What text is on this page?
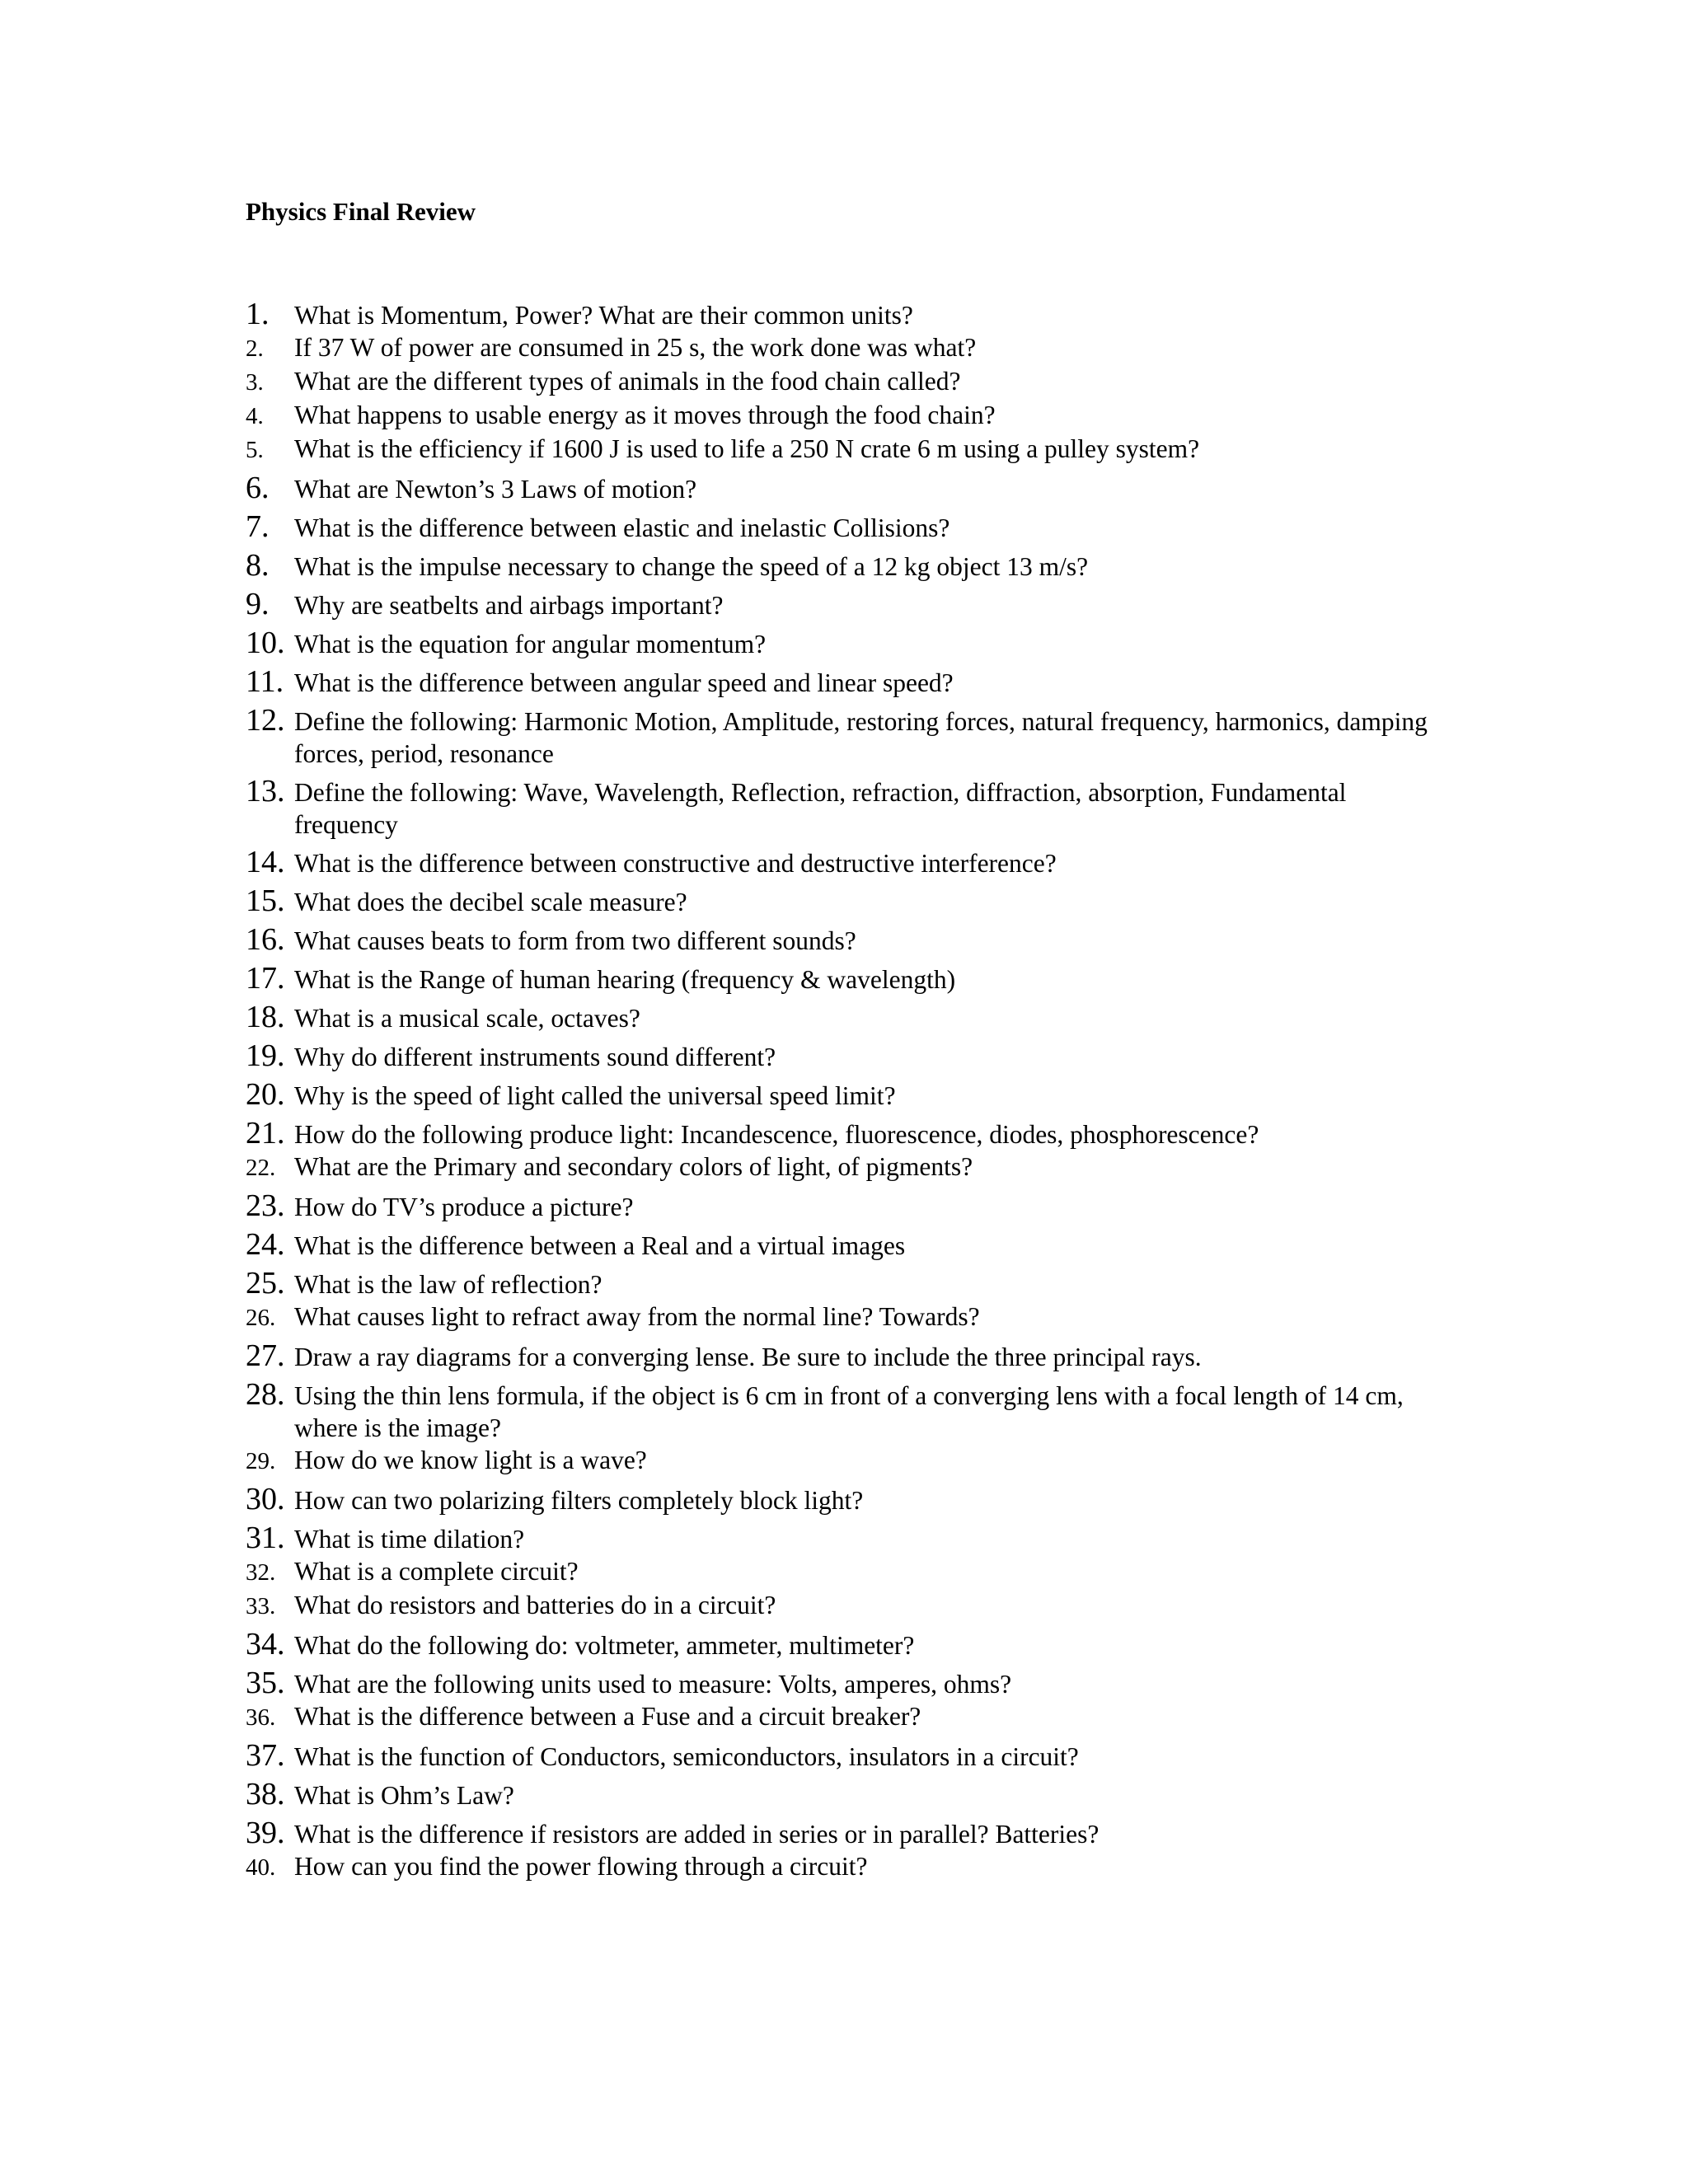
Physics Final Review
1. What is Momentum, Power? What are their common units?
2.	If 37 W of power are consumed in 25 s, the work done was what?
3.	What are the different types of animals in the food chain called?
4.	What happens to usable energy as it moves through the food chain?
5.	What is the efficiency if 1600 J is used to life a 250 N crate 6 m using a pulley system?
6. What are Newton’s 3 Laws of motion?
7. What is the difference between elastic and inelastic Collisions?
8. What is the impulse necessary to change the speed of a 12 kg object 13 m/s?
9. Why are seatbelts and airbags important?
10. What is the equation for angular momentum?
11. What is the difference between angular speed and linear speed?
12. Define the following: Harmonic Motion, Amplitude, restoring forces, natural frequency, harmonics, damping forces, period, resonance
13. Define the following: Wave, Wavelength, Reflection, refraction, diffraction, absorption, Fundamental frequency
14. What is the difference between constructive and destructive interference?
15. What does the decibel scale measure?
16. What causes beats to form from two different sounds?
17. What is the Range of human hearing (frequency & wavelength)
18. What is a musical scale, octaves?
19. Why do different instruments sound different?
20. Why is the speed of light called the universal speed limit?
21. How do the following produce light: Incandescence, fluorescence, diodes, phosphorescence?
22. What are the Primary and secondary colors of light, of pigments?
23. How do TV’s produce a picture?
24. What is the difference between a Real and a virtual images
25. What is the law of reflection?
26. What causes light to refract away from the normal line? Towards?
27. Draw a ray diagrams for a converging lense. Be sure to include the three principal rays.
28. Using the thin lens formula, if the object is 6 cm in front of a converging lens with a focal length of 14 cm, where is the image?
29. How do we know light is a wave?
30. How can two polarizing filters completely block light?
31. What is time dilation?
32. What is a complete circuit?
33. What do resistors and batteries do in a circuit?
34. What do the following do: voltmeter, ammeter, multimeter?
35. What are the following units used to measure: Volts, amperes, ohms?
36. What is the difference between a Fuse and a circuit breaker?
37. What is the function of Conductors, semiconductors, insulators in a circuit?
38. What is Ohm’s Law?
39. What is the difference if resistors are added in series or in parallel? Batteries?
40. How can you find the power flowing through a circuit?
